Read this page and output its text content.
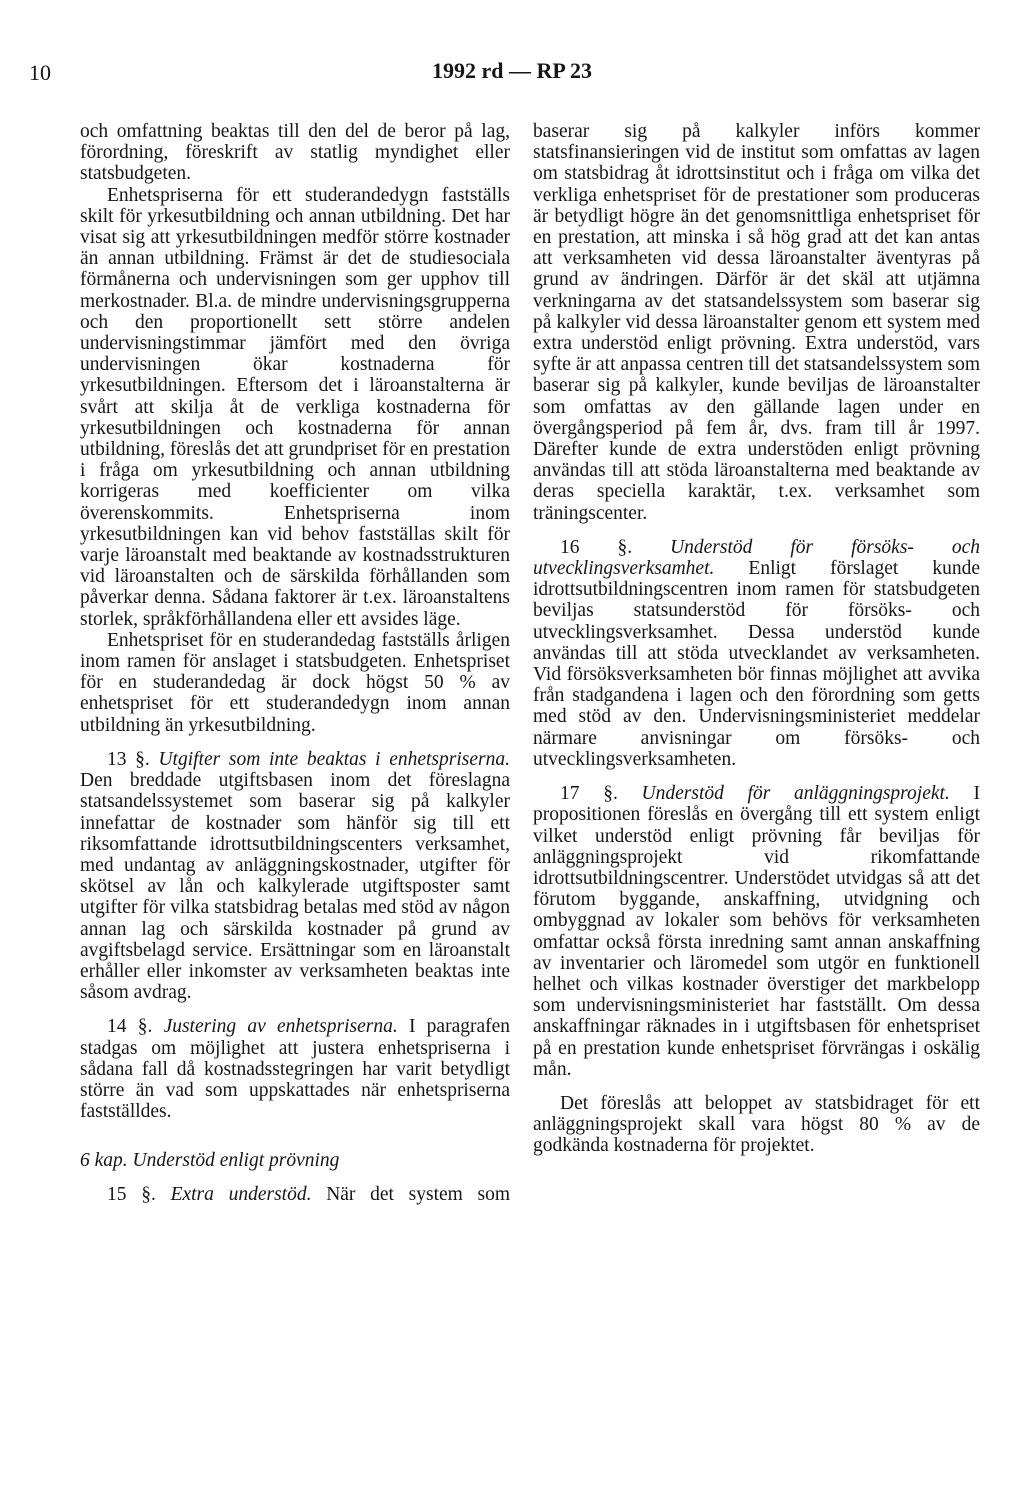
10	1992 rd — RP 23

och omfattning beaktas till den del de beror på lag, förordning, föreskrift av statlig myndighet eller statsbudgeten.

Enhetspriserna för ett studerandedygn fastställs skilt för yrkesutbildning och annan utbildning. Det har visat sig att yrkesutbildningen medför större kostnader än annan utbildning. Främst är det de studiesociala förmånerna och undervisningen som ger upphov till merkostnader. Bl.a. de mindre undervisningsgrupperna och den proportionellt sett större andelen undervisningstimmar jämfört med den övriga undervisningen ökar kostnaderna för yrkesutbildningen. Eftersom det i läroanstalterna är svårt att skilja åt de verkliga kostnaderna för yrkesutbildningen och kostnaderna för annan utbildning, föreslås det att grundpriset för en prestation i fråga om yrkesutbildning och annan utbildning korrigeras med koefficienter om vilka överenskommits. Enhetspriserna inom yrkesutbildningen kan vid behov fastställas skilt för varje läroanstalt med beaktande av kostnadsstrukturen vid läroanstalten och de särskilda förhållanden som påverkar denna. Sådana faktorer är t.ex. läroanstaltens storlek, språkförhållandena eller ett avsides läge.

Enhetspriset för en studerandedag fastställs årligen inom ramen för anslaget i statsbudgeten. Enhetspriset för en studerandedag är dock högst 50 % av enhetspriset för ett studerandedygn inom annan utbildning än yrkesutbildning.

13 §. Utgifter som inte beaktas i enhetspriserna. Den breddade utgiftsbasen inom det föreslagna statsandelssystemet som baserar sig på kalkyler innefattar de kostnader som hänför sig till ett riksomfattande idrottsutbildningscenters verksamhet, med undantag av anläggningskostnader, utgifter för skötsel av lån och kalkylerade utgiftsposter samt utgifter för vilka statsbidrag betalas med stöd av någon annan lag och särskilda kostnader på grund av avgiftsbelagd service. Ersättningar som en läroanstalt erhåller eller inkomster av verksamheten beaktas inte såsom avdrag.

14 §. Justering av enhetspriserna. I paragrafen stadgas om möjlighet att justera enhetspriserna i sådana fall då kostnadsstegringen har varit betydligt större än vad som uppskattades när enhetspriserna fastställdes.

6 kap. Understöd enligt prövning

15 §. Extra understöd. När det system som

baserar sig på kalkyler införs kommer statsfinansieringen vid de institut som omfattas av lagen om statsbidrag åt idrottsinstitut och i fråga om vilka det verkliga enhetspriset för de prestationer som produceras är betydligt högre än det genomsnittliga enhetspriset för en prestation, att minska i så hög grad att det kan antas att verksamheten vid dessa läroanstalter äventyras på grund av ändringen. Därför är det skäl att utjämna verkningarna av det statsandelssystem som baserar sig på kalkyler vid dessa läroanstalter genom ett system med extra understöd enligt prövning. Extra understöd, vars syfte är att anpassa centren till det statsandelssystem som baserar sig på kalkyler, kunde beviljas de läroanstalter som omfattas av den gällande lagen under en övergångsperiod på fem år, dvs. fram till år 1997. Därefter kunde de extra understöden enligt prövning användas till att stöda läroanstalterna med beaktande av deras speciella karaktär, t.ex. verksamhet som träningscenter.

16 §. Understöd för försöks- och utvecklingsverksamhet. Enligt förslaget kunde idrottsutbildningscentren inom ramen för statsbudgeten beviljas statsunderstöd för försöks- och utvecklingsverksamhet. Dessa understöd kunde användas till att stöda utvecklandet av verksamheten. Vid försöksverksamheten bör finnas möjlighet att avvika från stadgandena i lagen och den förordning som getts med stöd av den. Undervisningsministeriet meddelar närmare anvisningar om försöks- och utvecklingsverksamheten.

17 §. Understöd för anläggningsprojekt. I propositionen föreslås en övergång till ett system enligt vilket understöd enligt prövning får beviljas för anläggningsprojekt vid rikomfattande idrottsutbildningscentrer. Understödet utvidgas så att det förutom byggande, anskaffning, utvidgning och ombyggnad av lokaler som behövs för verksamheten omfattar också första inredning samt annan anskaffning av inventarier och läromedel som utgör en funktionell helhet och vilkas kostnader överstiger det markbelopp som undervisningsministeriet har fastställt. Om dessa anskaffningar räknades in i utgiftsbasen för enhetspriset på en prestation kunde enhetspriset förvrängas i oskälig mån.

Det föreslås att beloppet av statsbidraget för ett anläggningsprojekt skall vara högst 80 % av de godkända kostnaderna för projektet.
